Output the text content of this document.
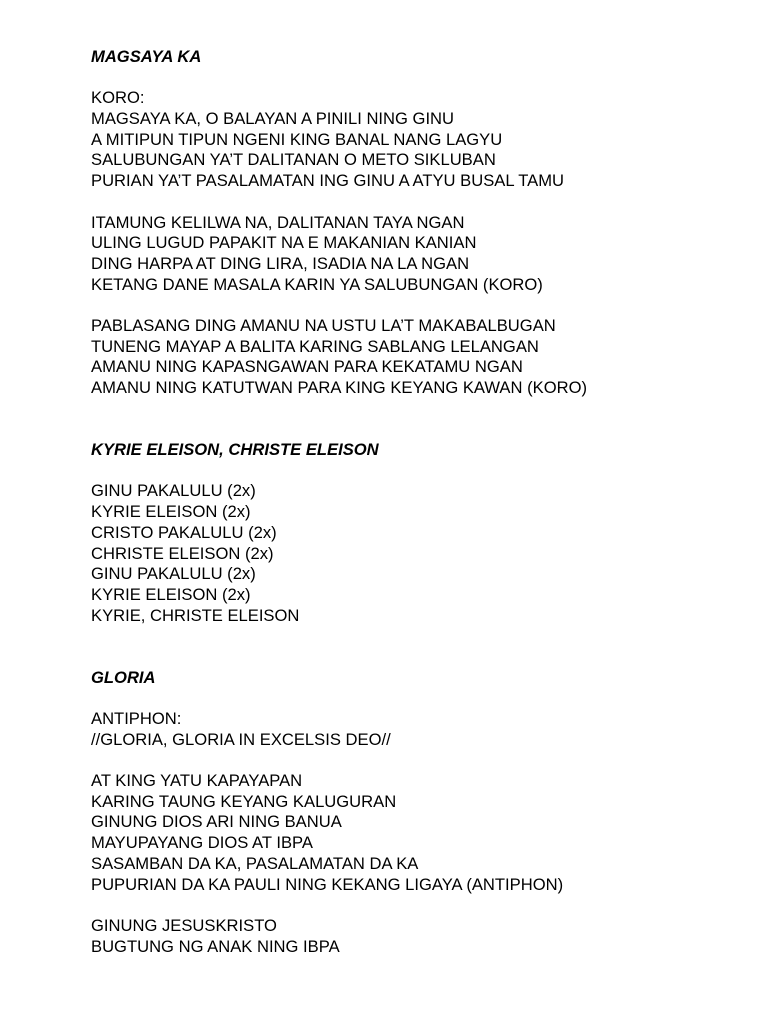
MAGSAYA KA
KORO:
MAGSAYA KA, O BALAYAN A PINILI NING GINU
A MITIPUN TIPUN NGENI KING BANAL NANG LAGYU
SALUBUNGAN YA’T DALITANAN O METO SIKLUBAN
PURIAN YA’T PASALAMATAN ING GINU A ATYU BUSAL TAMU
ITAMUNG KELILWA NA, DALITANAN TAYA NGAN
ULING LUGUD PAPAKIT NA E MAKANIAN KANIAN
DING HARPA AT DING LIRA, ISADIA NA LA NGAN
KETANG DANE MASALA KARIN YA SALUBUNGAN (KORO)
PABLASANG DING AMANU NA USTU LA’T MAKABALBUGAN
TUNENG MAYAP A BALITA KARING SABLANG LELANGAN
AMANU NING KAPASNGAWAN PARA KEKATAMU NGAN
AMANU NING KATUTWAN PARA KING KEYANG KAWAN (KORO)
KYRIE ELEISON, CHRISTE ELEISON
GINU PAKALULU (2x)
KYRIE ELEISON (2x)
CRISTO PAKALULU (2x)
CHRISTE ELEISON (2x)
GINU PAKALULU (2x)
KYRIE ELEISON (2x)
KYRIE, CHRISTE ELEISON
GLORIA
ANTIPHON:
//GLORIA, GLORIA IN EXCELSIS DEO//
AT KING YATU KAPAYAPAN
KARING TAUNG KEYANG KALUGURAN
GINUNG DIOS ARI NING BANUA
MAYUPAYANG DIOS AT IBPA
SASAMBAN DA KA, PASALAMATAN DA KA
PUPURIAN DA KA PAULI NING KEKANG LIGAYA (ANTIPHON)
GINUNG JESUSKRISTO
BUGTUNG NG ANAK NING IBPA
